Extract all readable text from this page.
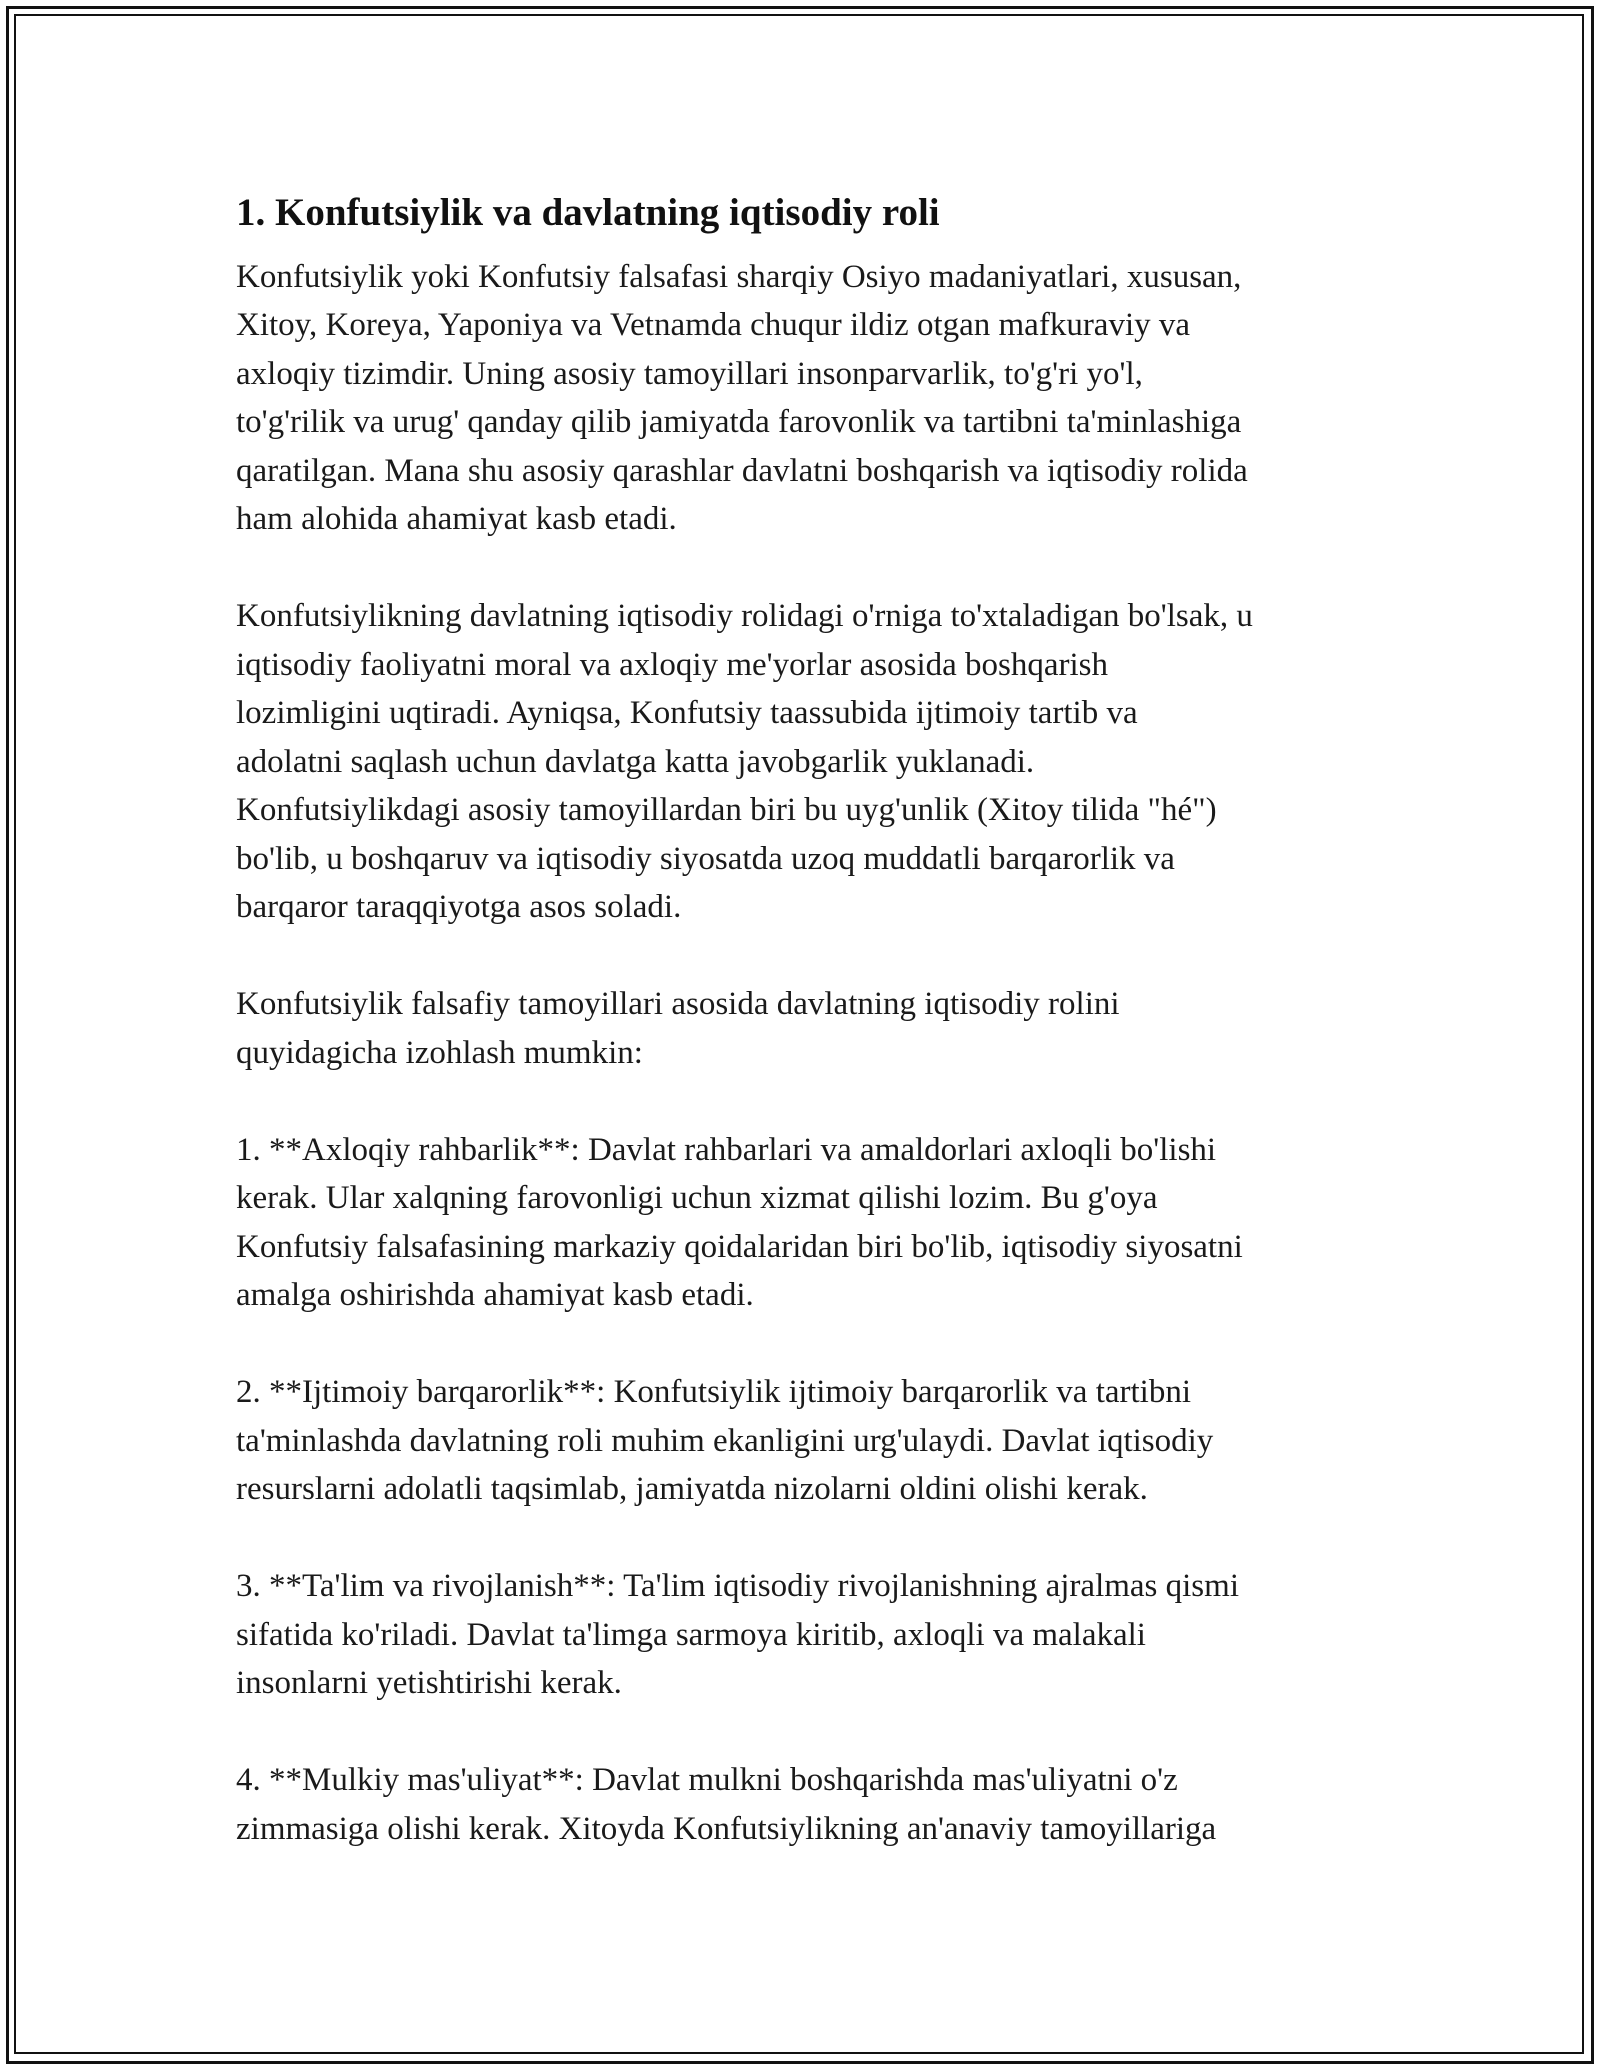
1. Konfutsiylik va davlatning iqtisodiy roli
Konfutsiylik yoki Konfutsiy falsafasi sharqiy Osiyo madaniyatlari, xususan,
Xitoy, Koreya, Yaponiya va Vetnamda chuqur ildiz otgan mafkuraviy va
axloqiy tizimdir. Uning asosiy tamoyillari insonparvarlik, to'g'ri yo'l,
to'g'rilik va urug' qanday qilib jamiyatda farovonlik va tartibni ta'minlashiga
qaratilgan. Mana shu asosiy qarashlar davlatni boshqarish va iqtisodiy rolida
ham alohida ahamiyat kasb etadi.
Konfutsiylikning davlatning iqtisodiy rolidagi o'rniga to'xtaladigan bo'lsak, u
iqtisodiy faoliyatni moral va axloqiy me'yorlar asosida boshqarish
lozimligini uqtiradi. Ayniqsa, Konfutsiy taassubida ijtimoiy tartib va
adolatni saqlash uchun davlatga katta javobgarlik yuklanadi.
Konfutsiylikdagi asosiy tamoyillardan biri bu uyg'unlik (Xitoy tilida "hé")
bo'lib, u boshqaruv va iqtisodiy siyosatda uzoq muddatli barqarorlik va
barqaror taraqqiyotga asos soladi.
Konfutsiylik falsafiy tamoyillari asosida davlatning iqtisodiy rolini
quyidagicha izohlash mumkin:
1. **Axloqiy rahbarlik**: Davlat rahbarlari va amaldorlari axloqli bo'lishi
kerak. Ular xalqning farovonligi uchun xizmat qilishi lozim. Bu g'oya
Konfutsiy falsafasining markaziy qoidalaridan biri bo'lib, iqtisodiy siyosatni
amalga oshirishda ahamiyat kasb etadi.
2. **Ijtimoiy barqarorlik**: Konfutsiylik ijtimoiy barqarorlik va tartibni
ta'minlashda davlatning roli muhim ekanligini urg'ulaydi. Davlat iqtisodiy
resurslarni adolatli taqsimlab, jamiyatda nizolarni oldini olishi kerak.
3. **Ta'lim va rivojlanish**: Ta'lim iqtisodiy rivojlanishning ajralmas qismi
sifatida ko'riladi. Davlat ta'limga sarmoya kiritib, axloqli va malakali
insonlarni yetishtirishi kerak.
4. **Mulkiy mas'uliyat**: Davlat mulkni boshqarishda mas'uliyatni o'z
zimmasiga olishi kerak. Xitoyda Konfutsiylikning an'anaviy tamoyillariga
